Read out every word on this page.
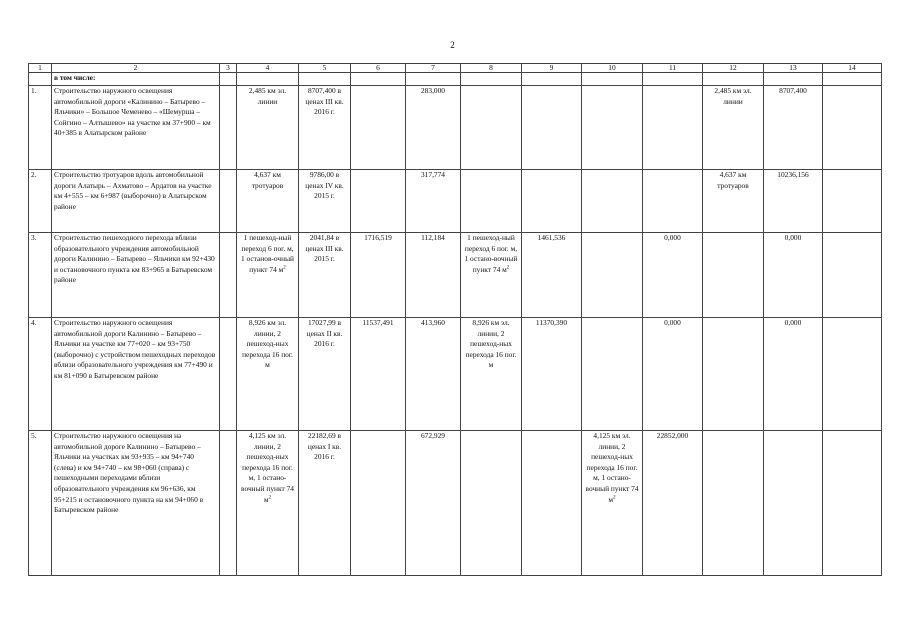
2
1	2	3	4	5	6	7	8	9	10	11	12	13	14
	в том числе:												
1.	Строительство наружного освещения автомобильной дороги «Калинино – Батырево – Яльчики» – Большое Чеменево – «Шемурша – Сойгино – Алтышево» на участке км 37+900 – км 40+385 в Алатырском районе		2,485 км эл. линии	8707,400 в ценах III кв. 2016 г.		283,000					2,485 км эл. линии	8707,400	
2.	Строительство тротуаров вдоль автомобильной дороги Алатырь – Ахматово – Ардатов на участке км 4+555 – км 6+987 (выборочно) в Алатырском районе		4,637 км тротуаров	9786,00 в ценах IV кв. 2015 г.		317,774					4,637 км тротуаров	10236,156	
3.	Строительство пешеходного перехода вблизи образовательного учреждения автомобильной дороги Калинино – Батырево – Яльчики км 92+430 и остановочного пункта км 83+965 в Батыревском районе		1 пешеход-ный переход 6 пог. м, 1 останов-очный пункт 74 $м^2$	2041,84 в ценах III кв. 2015 г.	1716,519	112,184	1 пешеход-ный переход 6 пог. м, 1 остано-вочный пункт 74 $м^2$	1461,536		0,000		0,000	
4.	Строительство наружного освещения автомобильной дороги Калинино – Батырево – Яльчики на участке км 77+020 – км 93+750 (выборочно) с устройством пешеходных переходов вблизи образовательного учреждения км 77+490 и км 81+090 в Батыревском районе		8,926 км эл. линии, 2 пешеход-ных перехода 16 пог. м	17027,99 в ценах II кв. 2016 г.	11537,491	413,960	8,926 км эл. линии, 2 пешеход-ных перехода 16 пог. м	11370,390		0,000		0,000	
5.	Строительство наружного освещения на автомобильной дороге Калинино – Батырево – Яльчики на участках км 93+935 – км 94+740 (слева) и км 94+740 – км 98+060 (справа) с пешеходными переходами вблизи образовательного учреждения км 96+636, км 95+215 и остановочного пункта на км 94+060 в Батыревском районе		4,125 км эл. линии, 2 пешеход-ных перехода 16 пог. м, 1 остано-вочный пункт 74 $м^2$	22182,69 в ценах I кв. 2016 г.		672,929			4,125 км эл. линии, 2 пешеход-ных перехода 16 пог. м, 1 остано-вочный пункт 74 $м^2$	22852,000			
